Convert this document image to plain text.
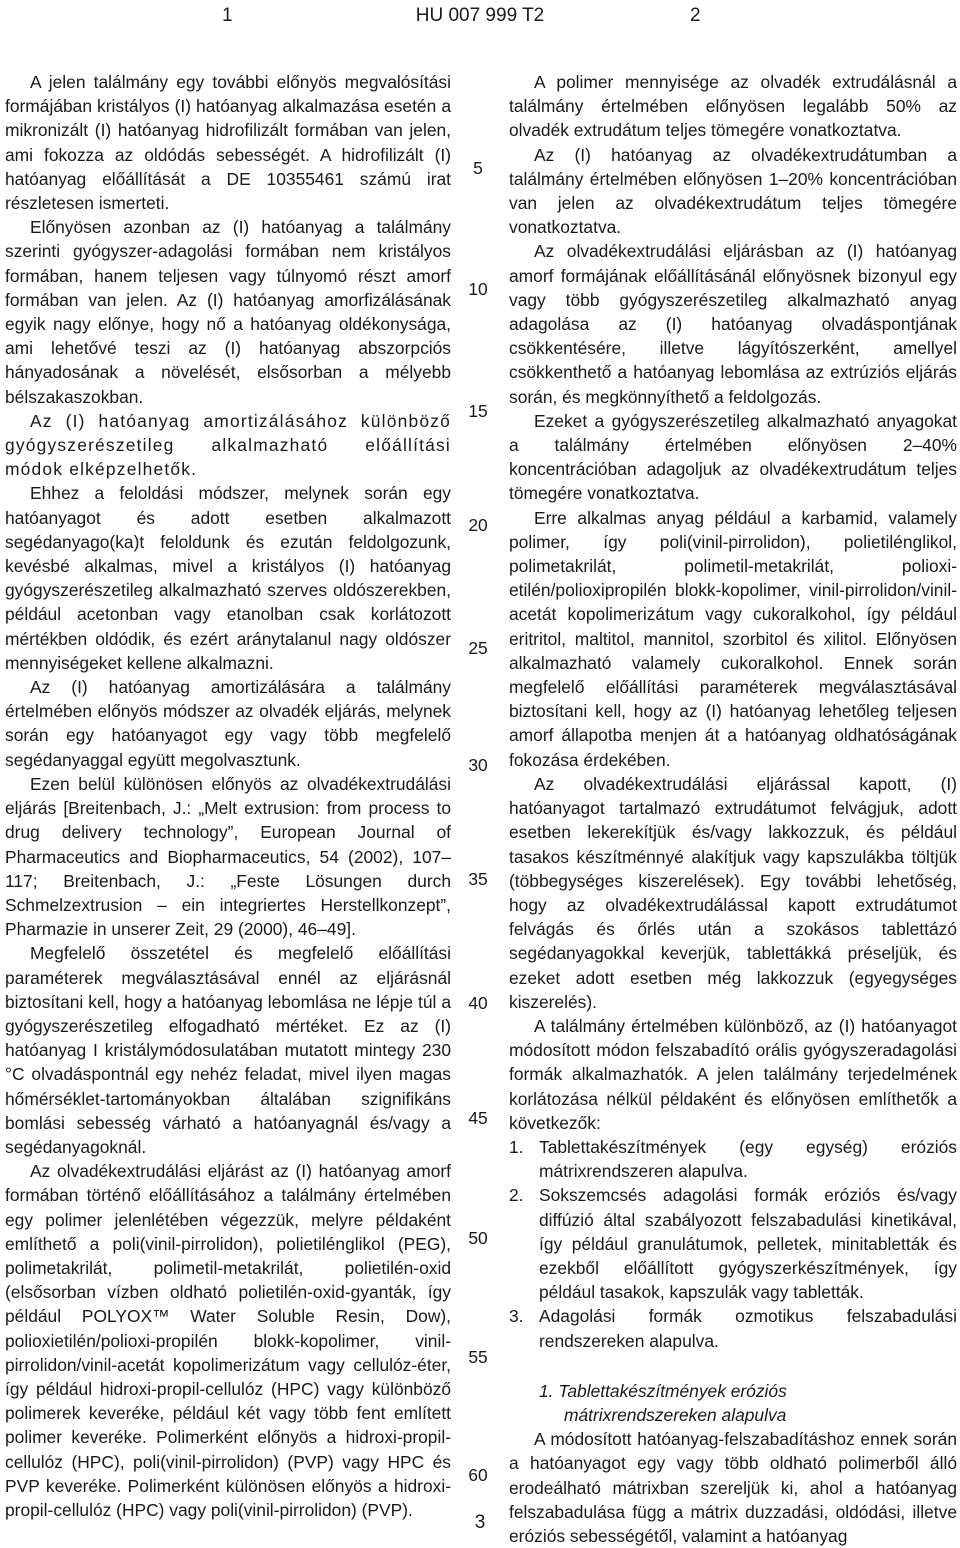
1	HU 007 999 T2	2

A jelen találmány egy további előnyös megvalósítási formájában kristályos (I) hatóanyag alkalmazása esetén a mikronizált (I) hatóanyag hidrofilizált formában van jelen, ami fokozza az oldódás sebességét. A hidrofilizált (I) hatóanyag előállítását a DE 10355461 számú irat részletesen ismerteti.

Előnyösen azonban az (I) hatóanyag a találmány szerinti gyógyszer-adagolási formában nem kristályos formában, hanem teljesen vagy túlnyomó részt amorf formában van jelen. Az (I) hatóanyag amorfizálásának egyik nagy előnye, hogy nő a hatóanyag oldékonysága, ami lehetővé teszi az (I) hatóanyag abszorpciós hányadosának a növelését, elsősorban a mélyebb bélszakaszokban.

Az (I) hatóanyag amortizálásához különböző gyógyszerészetileg alkalmazható előállítási módok elképzelhetők.

Ehhez a feloldási módszer, melynek során egy hatóanyagot és adott esetben alkalmazott segédanyago(ka)t feloldunk és ezután feldolgozunk, kevésbé alkalmas, mivel a kristályos (I) hatóanyag gyógyszerészetileg alkalmazható szerves oldószerekben, például acetonban vagy etanolban csak korlátozott mértékben oldódik, és ezért aránytalanul nagy oldószer mennyiségeket kellene alkalmazni.

Az (I) hatóanyag amortizálására a találmány értelmében előnyös módszer az olvadék eljárás, melynek során egy hatóanyagot egy vagy több megfelelő segédanyaggal együtt megolvasztunk.

Ezen belül különösen előnyös az olvadékextrudálási eljárás [Breitenbach, J.: „Melt extrusion: from process to drug delivery technology”, European Journal of Pharmaceutics and Biopharmaceutics, 54 (2002), 107–117; Breitenbach, J.: „Feste Lösungen durch Schmelzextrusion – ein integriertes Herstellkonzept”, Pharmazie in unserer Zeit, 29 (2000), 46–49].

Megfelelő összetétel és megfelelő előállítási paraméterek megválasztásával ennél az eljárásnál biztosítani kell, hogy a hatóanyag lebomlása ne lépje túl a gyógyszerészetileg elfogadható mértéket. Ez az (I) hatóanyag I kristálymódosulatában mutatott mintegy 230 °C olvadáspontnál egy nehéz feladat, mivel ilyen magas hőmérséklet-tartományokban általában szignifikáns bomlási sebesség várható a hatóanyagnál és/vagy a segédanyagoknál.

Az olvadékextrudálási eljárást az (I) hatóanyag amorf formában történő előállításához a találmány értelmében egy polimer jelenlétében végezzük, melyre példaként említhető a poli(vinil-pirrolidon), polietilénglikol (PEG), polimetakrilát, polimetil-metakrilát, polietilén-oxid (elsősorban vízben oldható polietilén-oxid-gyanták, így például POLYOX™ Water Soluble Resin, Dow), polioxietilén/polioxi-propilén blokk-kopolimer, vinil-pirrolidon/vinil-acetát kopolimerizátum vagy cellulóz-éter, így például hidroxi-propil-cellulóz (HPC) vagy különböző polimerek keveréke, például két vagy több fent említett polimer keveréke. Polimerként előnyös a hidroxi-propil-cellulóz (HPC), poli(vinil-pirrolidon) (PVP) vagy HPC és PVP keveréke. Polimerként különösen előnyös a hidroxi-propil-cellulóz (HPC) vagy poli(vinil-pirrolidon) (PVP).

5
10
15
20
25
30
35
40
45
50
55
60

A polimer mennyisége az olvadék extrudálásnál a találmány értelmében előnyösen legalább 50% az olvadék extrudátum teljes tömegére vonatkoztatva.

Az (I) hatóanyag az olvadékextrudátumban a találmány értelmében előnyösen 1–20% koncentrációban van jelen az olvadékextrudátum teljes tömegére vonatkoztatva.

Az olvadékextrudálási eljárásban az (I) hatóanyag amorf formájának előállításánál előnyösnek bizonyul egy vagy több gyógyszerészetileg alkalmazható anyag adagolása az (I) hatóanyag olvadáspontjának csökkentésére, illetve lágyítószerként, amellyel csökkenthető a hatóanyag lebomlása az extrúziós eljárás során, és megkönnyíthető a feldolgozás.

Ezeket a gyógyszerészetileg alkalmazható anyagokat a találmány értelmében előnyösen 2–40% koncentrációban adagoljuk az olvadékextrudátum teljes tömegére vonatkoztatva.

Erre alkalmas anyag például a karbamid, valamely polimer, így poli(vinil-pirrolidon), polietilénglikol, polimetakrilát, polimetil-metakrilát, polioxi-etilén/polioxipropilén blokk-kopolimer, vinil-pirrolidon/vinil-acetát kopolimerizátum vagy cukoralkohol, így például eritritol, maltitol, mannitol, szorbitol és xilitol. Előnyösen alkalmazható valamely cukoralkohol. Ennek során megfelelő előállítási paraméterek megválasztásával biztosítani kell, hogy az (I) hatóanyag lehetőleg teljesen amorf állapotba menjen át a hatóanyag oldhatóságának fokozása érdekében.

Az olvadékextrudálási eljárással kapott, (I) hatóanyagot tartalmazó extrudátumot felvágjuk, adott esetben lekerekítjük és/vagy lakkozzuk, és például tasakos készítménnyé alakítjuk vagy kapszulákba töltjük (többegységes kiszerelések). Egy további lehetőség, hogy az olvadékextrudálással kapott extrudátumot felvágás és őrlés után a szokásos tablettázó segédanyagokkal keverjük, tablettákká préseljük, és ezeket adott esetben még lakkozzuk (egyegységes kiszerelés).

A találmány értelmében különböző, az (I) hatóanyagot módosított módon felszabadító orális gyógyszeradagolási formák alkalmazhatók. A jelen találmány terjedelmének korlátozása nélkül példaként és előnyösen említhetők a következők:

1. Tablettakészítmények (egy egység) eróziós mátrixrendszeren alapulva.
2. Sokszemcsés adagolási formák eróziós és/vagy diffúzió által szabályozott felszabadulási kinetikával, így például granulátumok, pelletek, minitabletták és ezekből előállított gyógyszerkészítmények, így például tasakok, kapszulák vagy tabletták.
3. Adagolási formák ozmotikus felszabadulási rendszereken alapulva.

1. Tablettakészítmények eróziós

mátrixrendszereken alapulva

A módosított hatóanyag-felszabadításhoz ennek során a hatóanyagot egy vagy több oldható polimerből álló erodeálható mátrixban szereljük ki, ahol a hatóanyag felszabadulása függ a mátrix duzzadási, oldódási, illetve eróziós sebességétől, valamint a hatóanyag

3
